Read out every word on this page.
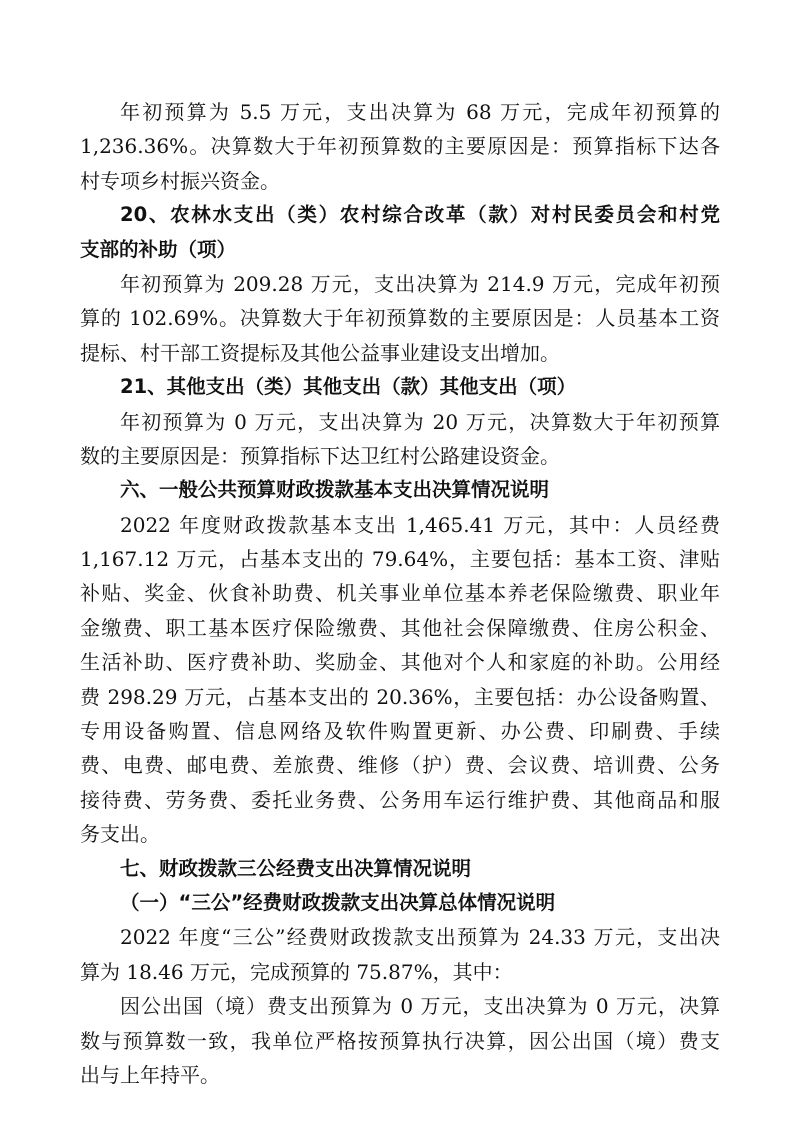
年初预算为 5.5 万元，支出决算为 68 万元，完成年初预算的
1,236.36%。决算数大于年初预算数的主要原因是：预算指标下达各
村专项乡村振兴资金。
20、农林水支出（类）农村综合改革（款）对村民委员会和村党
支部的补助（项）
年初预算为 209.28 万元，支出决算为 214.9 万元，完成年初预
算的 102.69%。决算数大于年初预算数的主要原因是：人员基本工资
提标、村干部工资提标及其他公益事业建设支出增加。
21、其他支出（类）其他支出（款）其他支出（项）
年初预算为 0 万元，支出决算为 20 万元，决算数大于年初预算
数的主要原因是：预算指标下达卫红村公路建设资金。
六、一般公共预算财政拨款基本支出决算情况说明
2022 年度财政拨款基本支出 1,465.41 万元，其中：人员经费
1,167.12 万元，占基本支出的 79.64%，主要包括：基本工资、津贴
补贴、奖金、伙食补助费、机关事业单位基本养老保险缴费、职业年
金缴费、职工基本医疗保险缴费、其他社会保障缴费、住房公积金、
生活补助、医疗费补助、奖励金、其他对个人和家庭的补助。公用经
费 298.29 万元，占基本支出的 20.36%，主要包括：办公设备购置、
专用设备购置、信息网络及软件购置更新、办公费、印刷费、手续
费、电费、邮电费、差旅费、维修（护）费、会议费、培训费、公务
接待费、劳务费、委托业务费、公务用车运行维护费、其他商品和服
务支出。
七、财政拨款三公经费支出决算情况说明
（一）“三公”经费财政拨款支出决算总体情况说明
2022 年度“三公”经费财政拨款支出预算为 24.33 万元，支出决
算为 18.46 万元，完成预算的 75.87%，其中：
因公出国（境）费支出预算为 0 万元，支出决算为 0 万元，决算
数与预算数一致，我单位严格按预算执行决算，因公出国（境）费支
出与上年持平。
